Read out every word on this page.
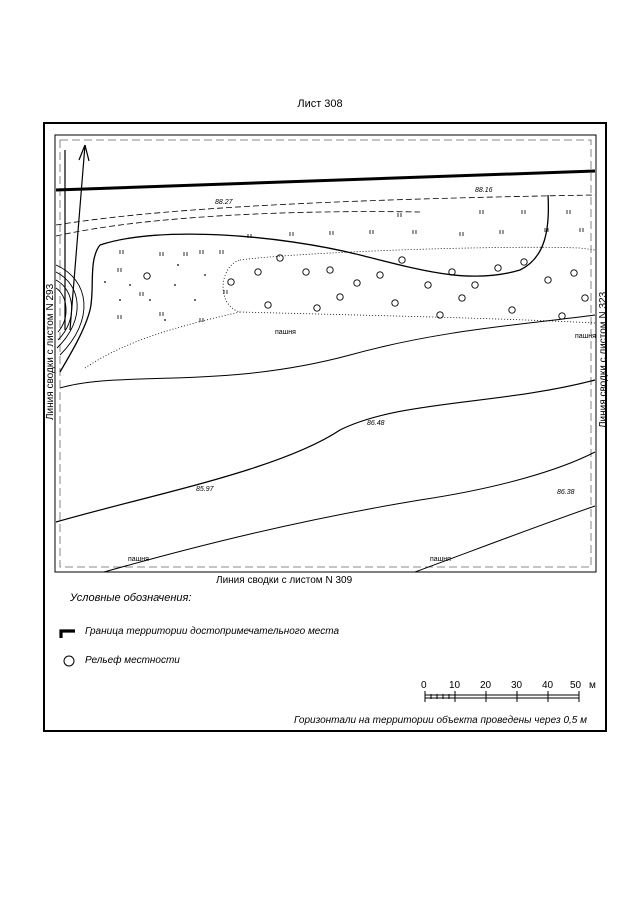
Лист 308
88.16
88.27
86.48
85.97	86.38
пашня
пашня
пашня	пашня
Линия сводки с листом N 293	Линия сводки с листом N 323
Линия сводки с листом N 309
0 10 20 30 40 50 м
Условные обозначения:
Граница территории достопримечательного места
Рельеф местности
Горизонтали на территории объекта проведены через 0,5 м
